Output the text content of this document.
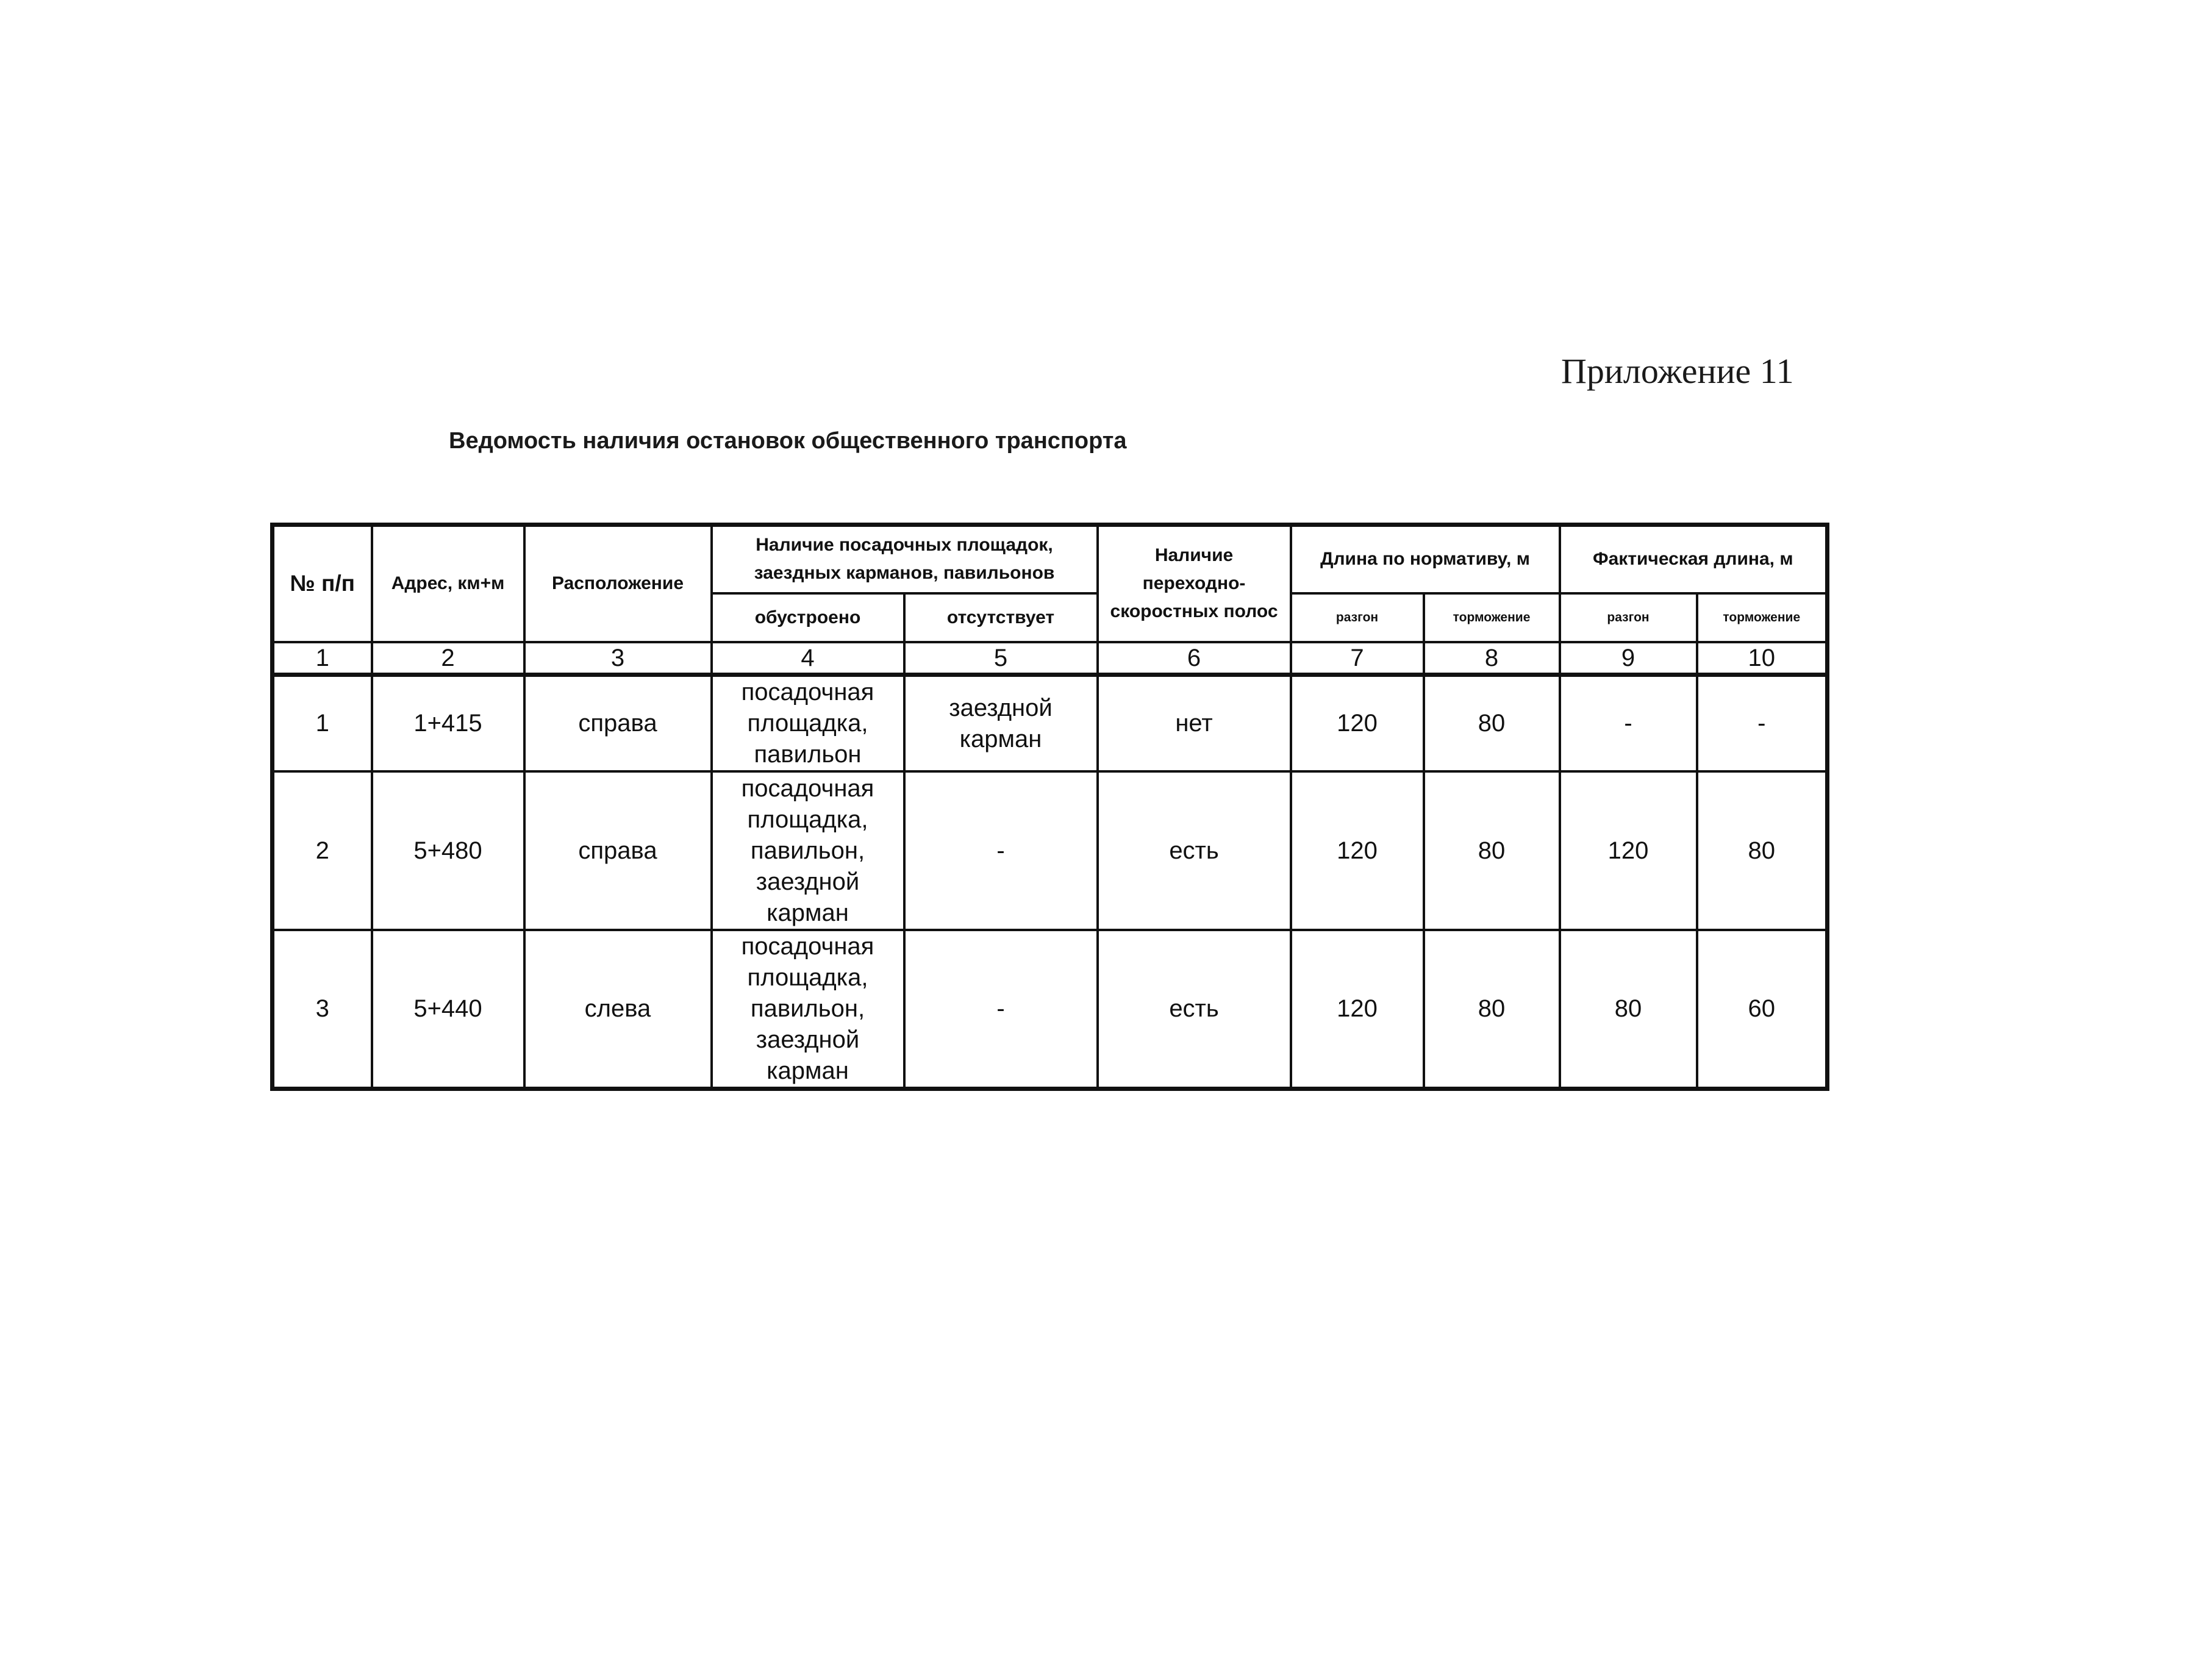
Приложение 11
Ведомость наличия остановок общественного транспорта
№ п/п	Адрес, км+м	Расположение	Наличие посадочных площадок, заездных карманов, павильонов		Наличие переходно-скоростных полос	Длина по нормативу, м		Фактическая длина, м	
			обустроено	отсутствует		разгон	торможение	разгон	торможение
1	2	3	4	5	6	7	8	9	10
1	1+415	справа	посадочная площадка, павильон	заездной карман	нет	120	80	-	-
2	5+480	справа	посадочная площадка, павильон, заездной карман	-	есть	120	80	120	80
3	5+440	слева	посадочная площадка, павильон, заездной карман	-	есть	120	80	80	60
